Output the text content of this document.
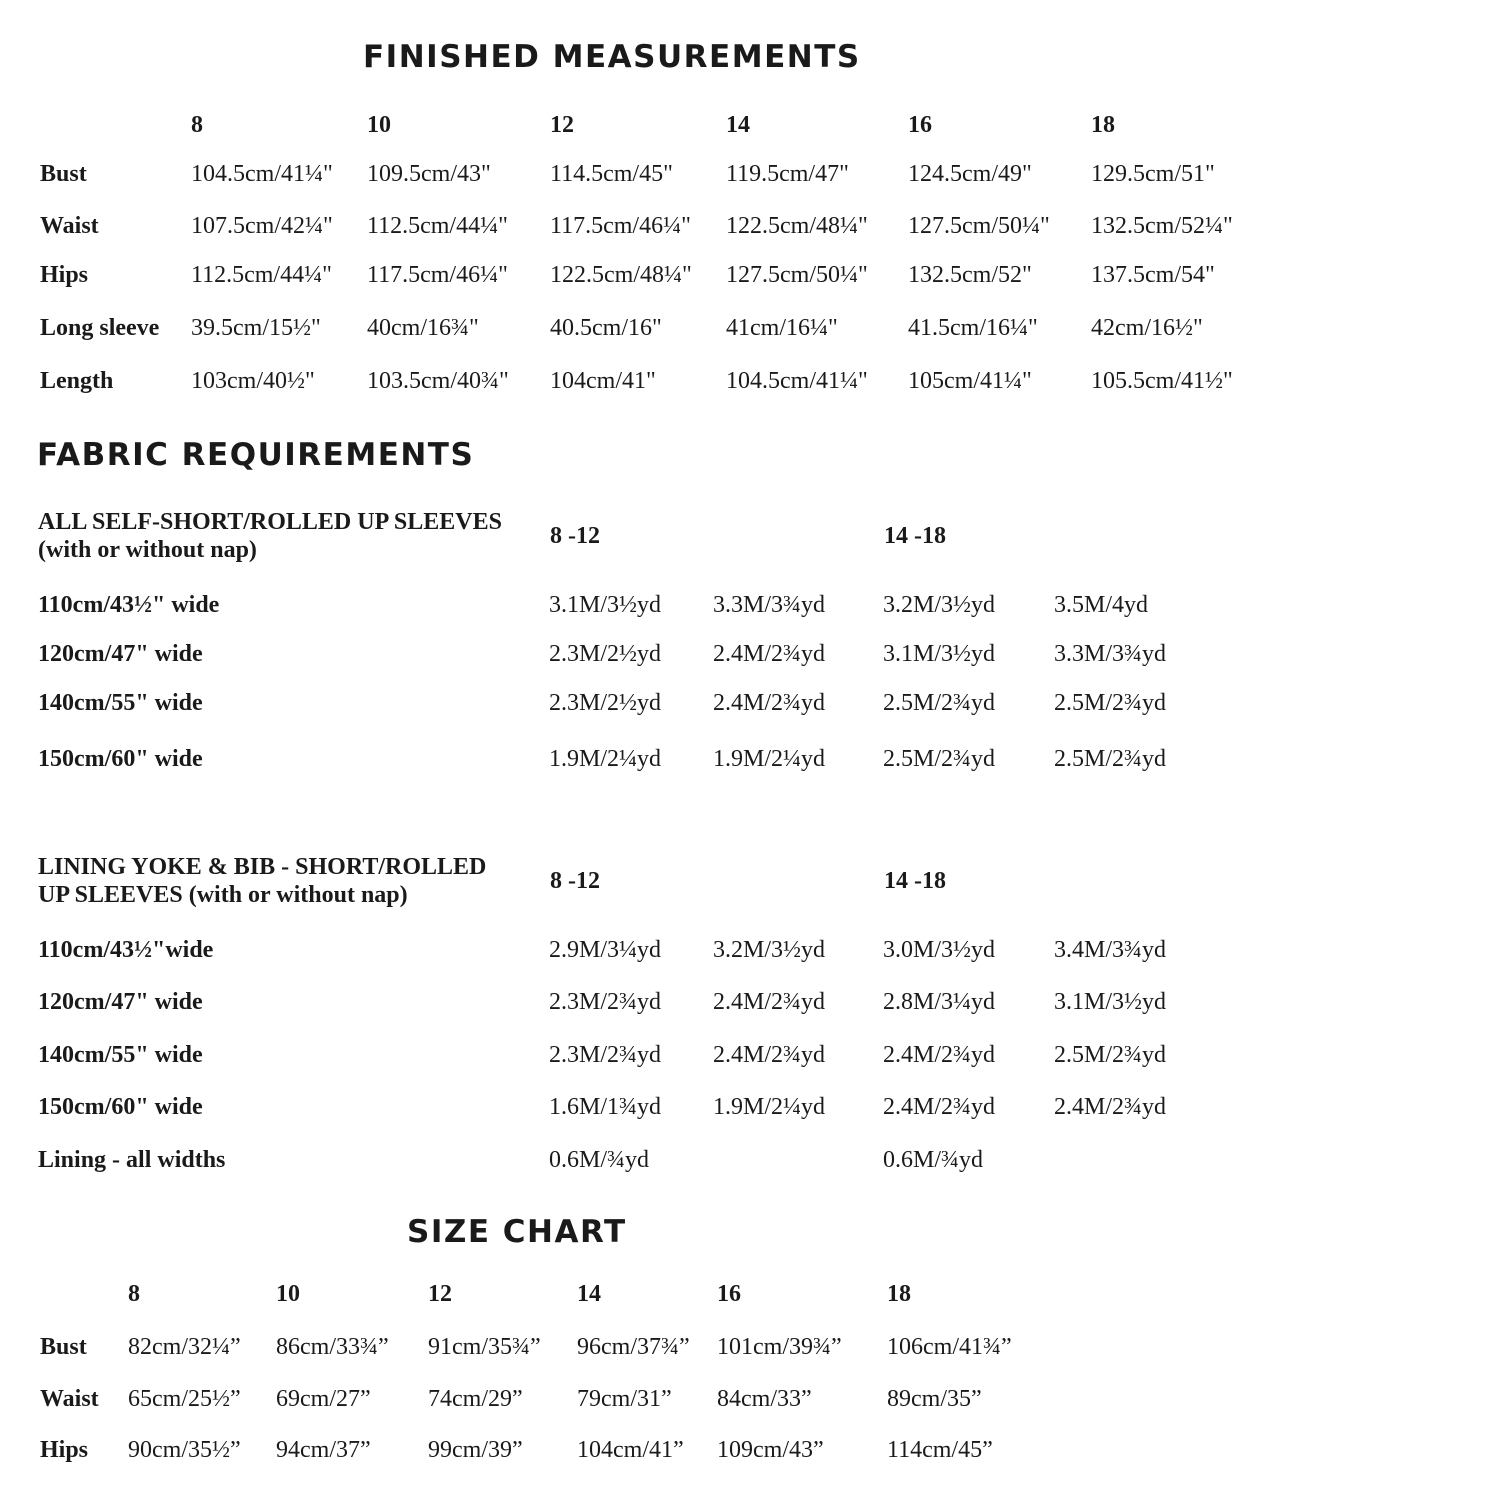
FINISHED MEASUREMENTS
8	10	12	14	16	18
Bust	104.5cm/41¼" 109.5cm/43" 114.5cm/45" 119.5cm/47" 124.5cm/49" 129.5cm/51"
Waist	107.5cm/42¼" 112.5cm/44¼" 117.5cm/46¼" 122.5cm/48¼" 127.5cm/50¼" 132.5cm/52¼"
Hips	112.5cm/44¼" 117.5cm/46¼" 122.5cm/48¼" 127.5cm/50¼" 132.5cm/52" 137.5cm/54"
Long sleeve 39.5cm/15½" 40cm/16¾"	40.5cm/16"	41cm/16¼"	41.5cm/16¼" 42cm/16½"
Length	103cm/40½" 103.5cm/40¾" 104cm/41"	104.5cm/41¼" 105cm/41¼" 105.5cm/41½"
FABRIC REQUIREMENTS
ALL SELF-SHORT/ROLLED UP SLEEVES
(with or without nap)
8 -12	14 -18
110cm/43½" wide	3.1M/3½yd 3.3M/3¾yd 3.2M/3½yd 3.5M/4yd
120cm/47" wide	2.3M/2½yd 2.4M/2¾yd 3.1M/3½yd 3.3M/3¾yd
140cm/55" wide	2.3M/2½yd 2.4M/2¾yd 2.5M/2¾yd 2.5M/2¾yd
150cm/60" wide	1.9M/2¼yd 1.9M/2¼yd 2.5M/2¾yd 2.5M/2¾yd
LINING YOKE & BIB - SHORT/ROLLED
UP SLEEVES (with or without nap)
8 -12	14 -18
110cm/43½"wide	2.9M/3¼yd 3.2M/3½yd 3.0M/3½yd 3.4M/3¾yd
120cm/47" wide	2.3M/2¾yd 2.4M/2¾yd 2.8M/3¼yd 3.1M/3½yd
140cm/55" wide	2.3M/2¾yd 2.4M/2¾yd 2.4M/2¾yd 2.5M/2¾yd
150cm/60" wide	1.6M/1¾yd 1.9M/2¼yd 2.4M/2¾yd 2.4M/2¾yd
Lining - all widths	0.6M/¾yd	0.6M/¾yd
SIZE CHART
8	10	12	14	16	18
Bust 82cm/32¼” 86cm/33¾” 91cm/35¾” 96cm/37¾” 101cm/39¾” 106cm/41¾”
Waist 65cm/25½” 69cm/27” 74cm/29” 79cm/31” 84cm/33”	89cm/35”
Hips 90cm/35½” 94cm/37” 99cm/39” 104cm/41” 109cm/43”	114cm/45”
